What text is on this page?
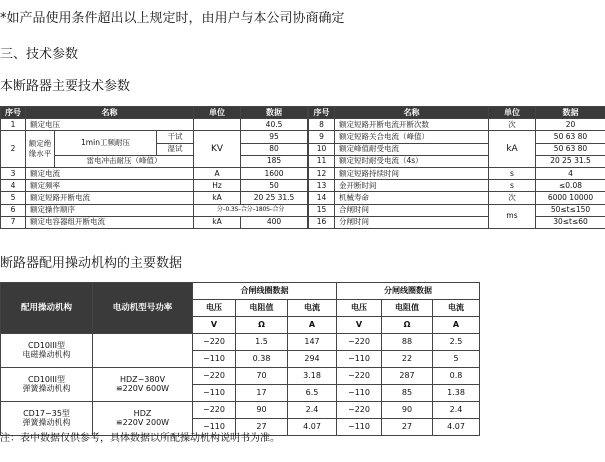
*如产品使用条件超出以上规定时，由用户与本公司协商确定
三、技术参数
本断路器主要技术参数
序号	名称			单位	数据
1	额定电压				40.5
2	额定绝缘水平	1min工频耐压	干试	KV	95
			湿试		80
		雷电冲击耐压（峰值）			185
3	额定电流			A	1600
4	额定频率			Hz	50
5	额定短路开断电流			kA	20 25 31.5
6	额定操作顺序			分–0.3S–合分–180S–合分	
7	额定电容器组开断电流			kA	400
序号	名称	单位	数据
8	额定短路开断电流开断次数	次	20
9	额定短路关合电流（峰值）	kA	50 63 80
10	额定峰值耐受电流		50 63 80
11	额定短时耐受电流（4s）		20 25 31.5
12	额定短路持续时间	s	4
13	金开断时间	s	≤0.08
14	机械寿命	次	6000 10000
15	合闸时间	ms	50≤t≤150
16	分闸时间		30≤t≤60
断路器配用操动机构的主要数据
配用操动机构	电动机型号功率	合闸线圈数据			分闸线圈数据			
		电压	电阻值	电流	电压	电阻值	电流	
		V	Ω	A	V	Ω	A	
CD10III型
电磁操动机构		−220	1.5	147	−220	88	2.5	
		−110	0.38	294	−110	22	5	
CD10III型
弹簧操动机构	HDZ−380V
≌220V 600W	−220	70	3.18	−220	287	0.8	
		−110	17	6.5	−110	85	1.38	
CD17−35型
弹簧操动机构	HDZ
≌220V 200W	−220	90	2.4	−220	90	2.4	
		−110	27	4.07	−110	27	4.07	
注：表中数据仅供参考，具体数据以所配操动机构说明书为准。
